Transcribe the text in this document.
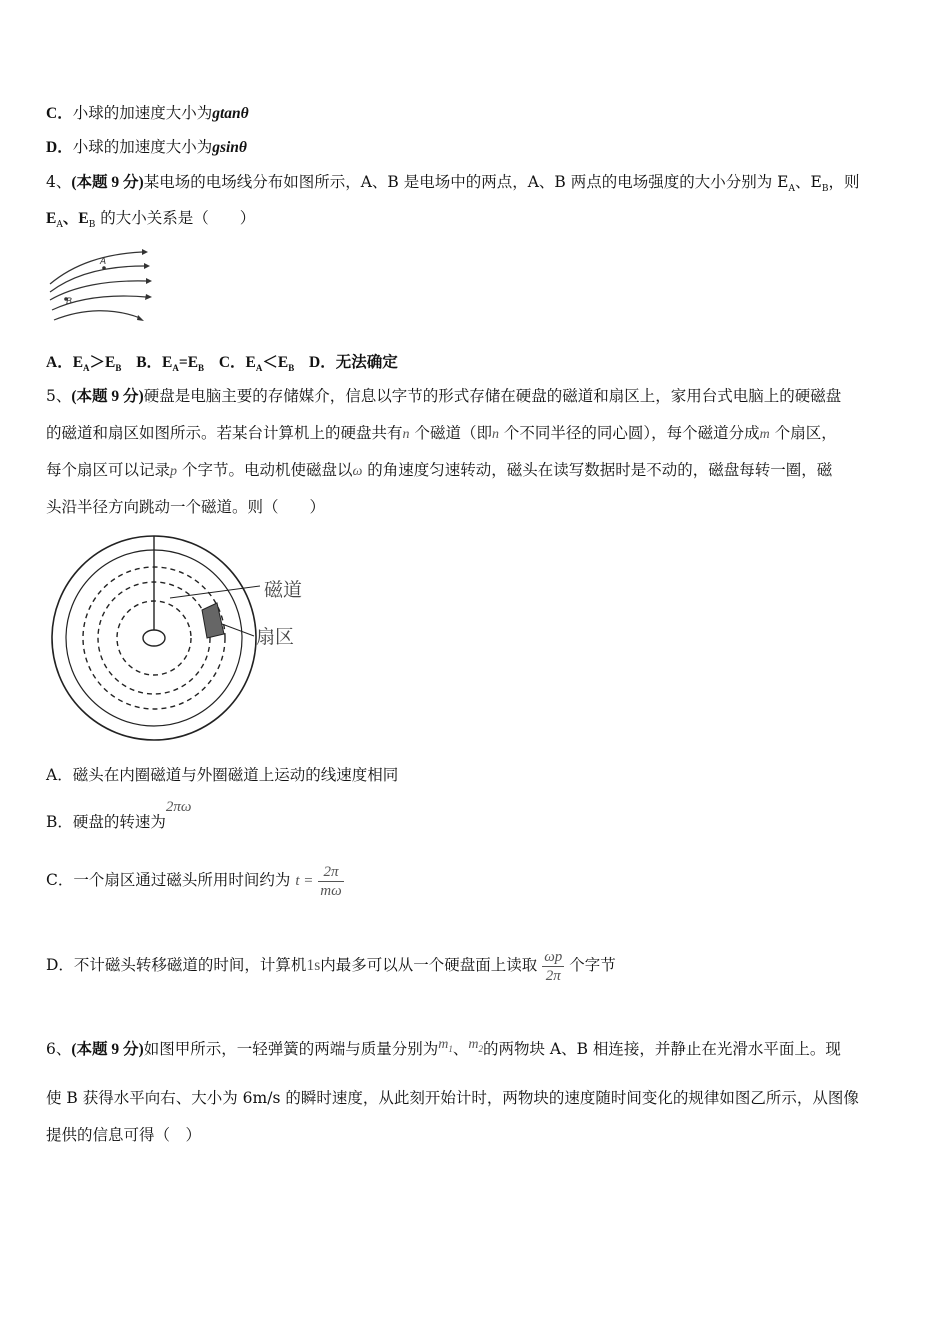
C．小球的加速度大小为gtanθ
D．小球的加速度大小为gsinθ
4、(本题 9 分)某电场的电场线分布如图所示，A、B 是电场中的两点，A、B 两点的电场强度的大小分别为 $E_A$、$E_B$，则
$E_A$、$E_B$ 的大小关系是（　　）
A
B
A．$E_A>E_B$ B．$E_A=E_B$ C．$E_A<E_B$ D．无法确定
5、(本题 9 分)硬盘是电脑主要的存储媒介，信息以字节的形式存储在硬盘的磁道和扇区上，家用台式电脑上的硬磁盘
的磁道和扇区如图所示。若某台计算机上的硬盘共有n 个磁道（即n 个不同半径的同心圆），每个磁道分成m 个扇区，
每个扇区可以记录p 个字节。电动机使磁盘以ω 的角速度匀速转动，磁头在读写数据时是不动的，磁盘每转一圈，磁
头沿半径方向跳动一个磁道。则（　　）
磁道
扇区
A．磁头在内圈磁道与外圈磁道上运动的线速度相同
B．硬盘的转速为2πω
C．一个扇区通过磁头所用时间约为 $t = \frac{2\pi}{m\omega}$
D．不计磁头转移磁道的时间，计算机1s内最多可以从一个硬盘面上读取 $\frac{\omega p}{2\pi}$ 个字节
6、(本题 9 分)如图甲所示，一轻弹簧的两端与质量分别为$m_1$、$m_2$的两物块 A、B 相连接，并静止在光滑水平面上。现
使 B 获得水平向右、大小为 6m/s 的瞬时速度，从此刻开始计时，两物块的速度随时间变化的规律如图乙所示，从图像
提供的信息可得（　）
